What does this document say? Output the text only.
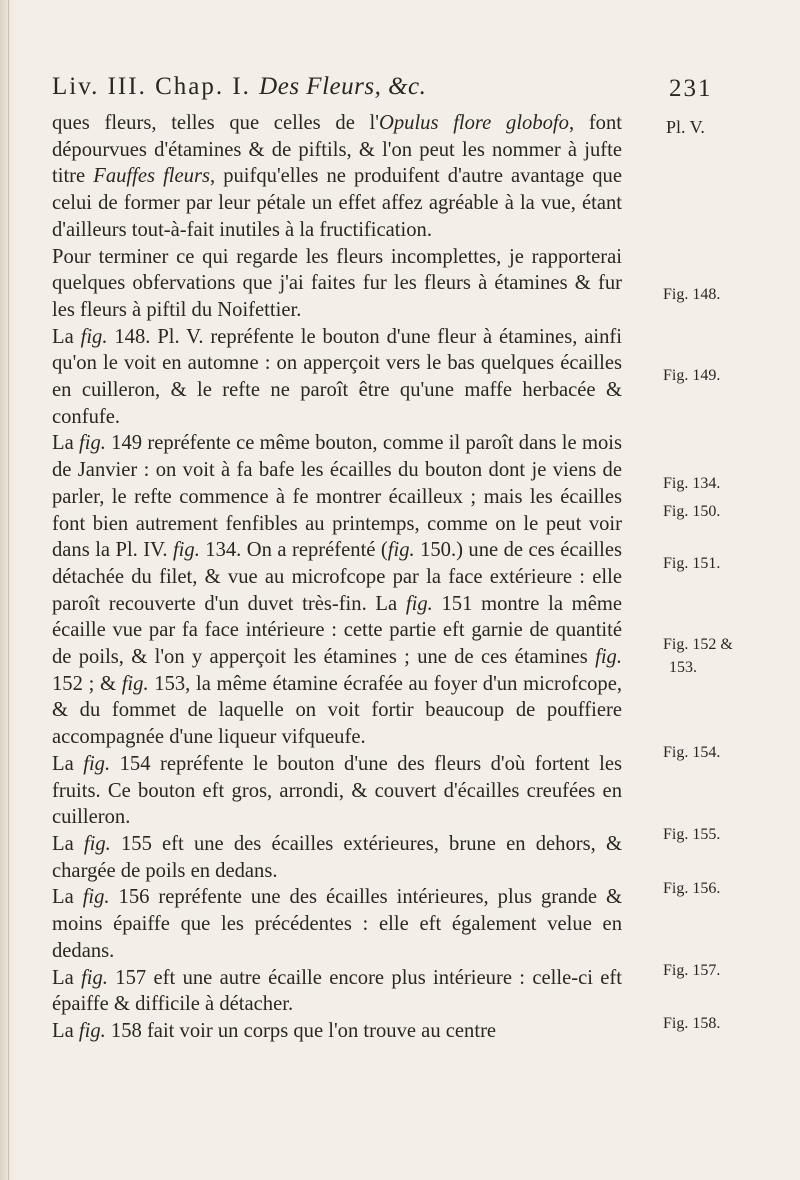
Liv. III. Chap. I. Des Fleurs, &c.	231

ques fleurs, telles que celles de l'Opulus flore globofo, font dépourvues d'étamines & de piftils, & l'on peut les nommer à jufte titre Fauffes fleurs, puifqu'elles ne produifent d'autre avantage que celui de former par leur pétale un effet affez agréable à la vue, étant d'ailleurs tout-à-fait inutiles à la fructification.

Pour terminer ce qui regarde les fleurs incomplettes, je rapporterai quelques obfervations que j'ai faites fur les fleurs à étamines & fur les fleurs à piftil du Noifettier.

La fig. 148. Pl. V. repréfente le bouton d'une fleur à étamines, ainfi qu'on le voit en automne : on apperçoit vers le bas quelques écailles en cuilleron, & le refte ne paroît être qu'une maffe herbacée & confufe.

La fig. 149 repréfente ce même bouton, comme il paroît dans le mois de Janvier : on voit à fa bafe les écailles du bouton dont je viens de parler, le refte commence à fe montrer écailleux ; mais les écailles font bien autrement fenfibles au printemps, comme on le peut voir dans la Pl. IV. fig. 134. On a repréfenté (fig. 150.) une de ces écailles détachée du filet, & vue au microfcope par la face extérieure : elle paroît recouverte d'un duvet très-fin. La fig. 151 montre la même écaille vue par fa face intérieure : cette partie eft garnie de quantité de poils, & l'on y apperçoit les étamines ; une de ces étamines fig. 152 ; & fig. 153, la même étamine écrafée au foyer d'un microfcope, & du fommet de laquelle on voit fortir beaucoup de pouffiere accompagnée d'une liqueur vifqueufe.

La fig. 154 repréfente le bouton d'une des fleurs d'où fortent les fruits. Ce bouton eft gros, arrondi, & couvert d'écailles creufées en cuilleron.

La fig. 155 eft une des écailles extérieures, brune en dehors, & chargée de poils en dedans.

La fig. 156 repréfente une des écailles intérieures, plus grande & moins épaiffe que les précédentes : elle eft également velue en dedans.

La fig. 157 eft une autre écaille encore plus intérieure : celle-ci eft épaiffe & difficile à détacher.

La fig. 158 fait voir un corps que l'on trouve au centre

Pl. V.
Fig. 148.
Fig. 149.
Fig. 134.
Fig. 150.
Fig. 151.
Fig. 152 &
153.
Fig. 154.
Fig. 155.
Fig. 156.
Fig. 157.
Fig. 158.
